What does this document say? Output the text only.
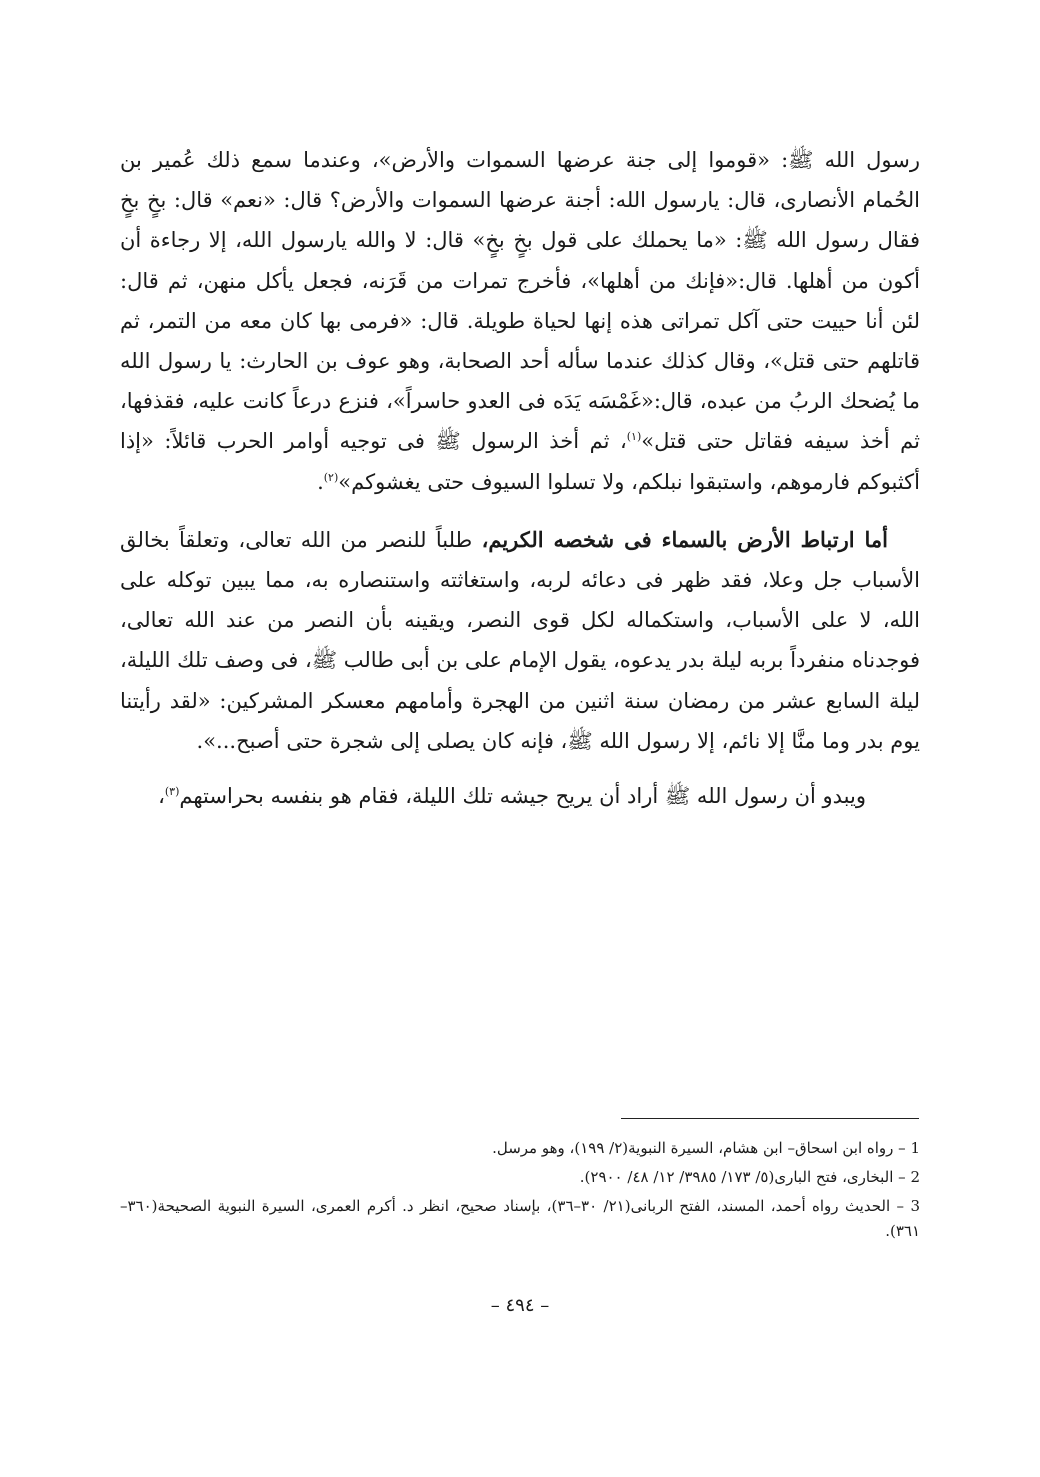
رسول الله ﷺ: «قوموا إلى جنة عرضها السموات والأرض»، وعندما سمع ذلك عُمير بن الحُمام الأنصارى، قال: يارسول الله: أجنة عرضها السموات والأرض؟ قال: «نعم» قال: بخٍ بخٍ فقال رسول الله ﷺ: «ما يحملك على قول بخٍ بخٍ» قال: لا والله يارسول الله، إلا رجاءة أن أكون من أهلها. قال:«فإنك من أهلها»، فأخرج تمرات من قَرَنه، فجعل يأكل منهن، ثم قال: لئن أنا حييت حتى آكل تمراتى هذه إنها لحياة طويلة. قال: «فرمى بها كان معه من التمر، ثم قاتلهم حتى قتل»، وقال كذلك عندما سأله أحد الصحابة، وهو عوف بن الحارث: يا رسول الله ما يُضحك الربُ من عبده، قال:«غَمْسَه يَدَه فى العدو حاسراً»، فنزع درعاً كانت عليه، فقذفها، ثم أخذ سيفه فقاتل حتى قتل»$^{(١)}$، ثم أخذ الرسول ﷺ فى توجيه أوامر الحرب قائلاً: «إذا أكثبوكم فارموهم، واستبقوا نبلكم، ولا تسلوا السيوف حتى يغشوكم»$^{(٢)}$.

أما ارتباط الأرض بالسماء فى شخصه الكريم، طلباً للنصر من الله تعالى، وتعلقاً بخالق الأسباب جل وعلا، فقد ظهر فى دعائه لربه، واستغاثته واستنصاره به، مما يبين توكله على الله، لا على الأسباب، واستكماله لكل قوى النصر، ويقينه بأن النصر من عند الله تعالى، فوجدناه منفرداً بربه ليلة بدر يدعوه، يقول الإمام على بن أبى طالب ﷺ، فى وصف تلك الليلة، ليلة السابع عشر من رمضان سنة اثنين من الهجرة وأمامهم معسكر المشركين: «لقد رأيتنا يوم بدر وما منَّا إلا نائم، إلا رسول الله ﷺ، فإنه كان يصلى إلى شجرة حتى أصبح...».

ويبدو أن رسول الله ﷺ أراد أن يريح جيشه تلك الليلة، فقام هو بنفسه بحراستهم$^{(٣)}$،

1 – رواه ابن اسحاق– ابن هشام، السيرة النبوية(٢/ ١٩٩)، وهو مرسل.

2 – البخارى، فتح البارى(٥/ ١٧٣/ ٣٩٨٥/ ١٢/ ٤٨/ ٢٩٠٠).

3 – الحديث رواه أحمد، المسند، الفتح الربانى(٢١/ ٣٠–٣٦)، بإسناد صحيح، انظر د. أكرم العمرى، السيرة النبوية الصحيحة(٣٦٠–٣٦١).

– ٤٩٤ –
